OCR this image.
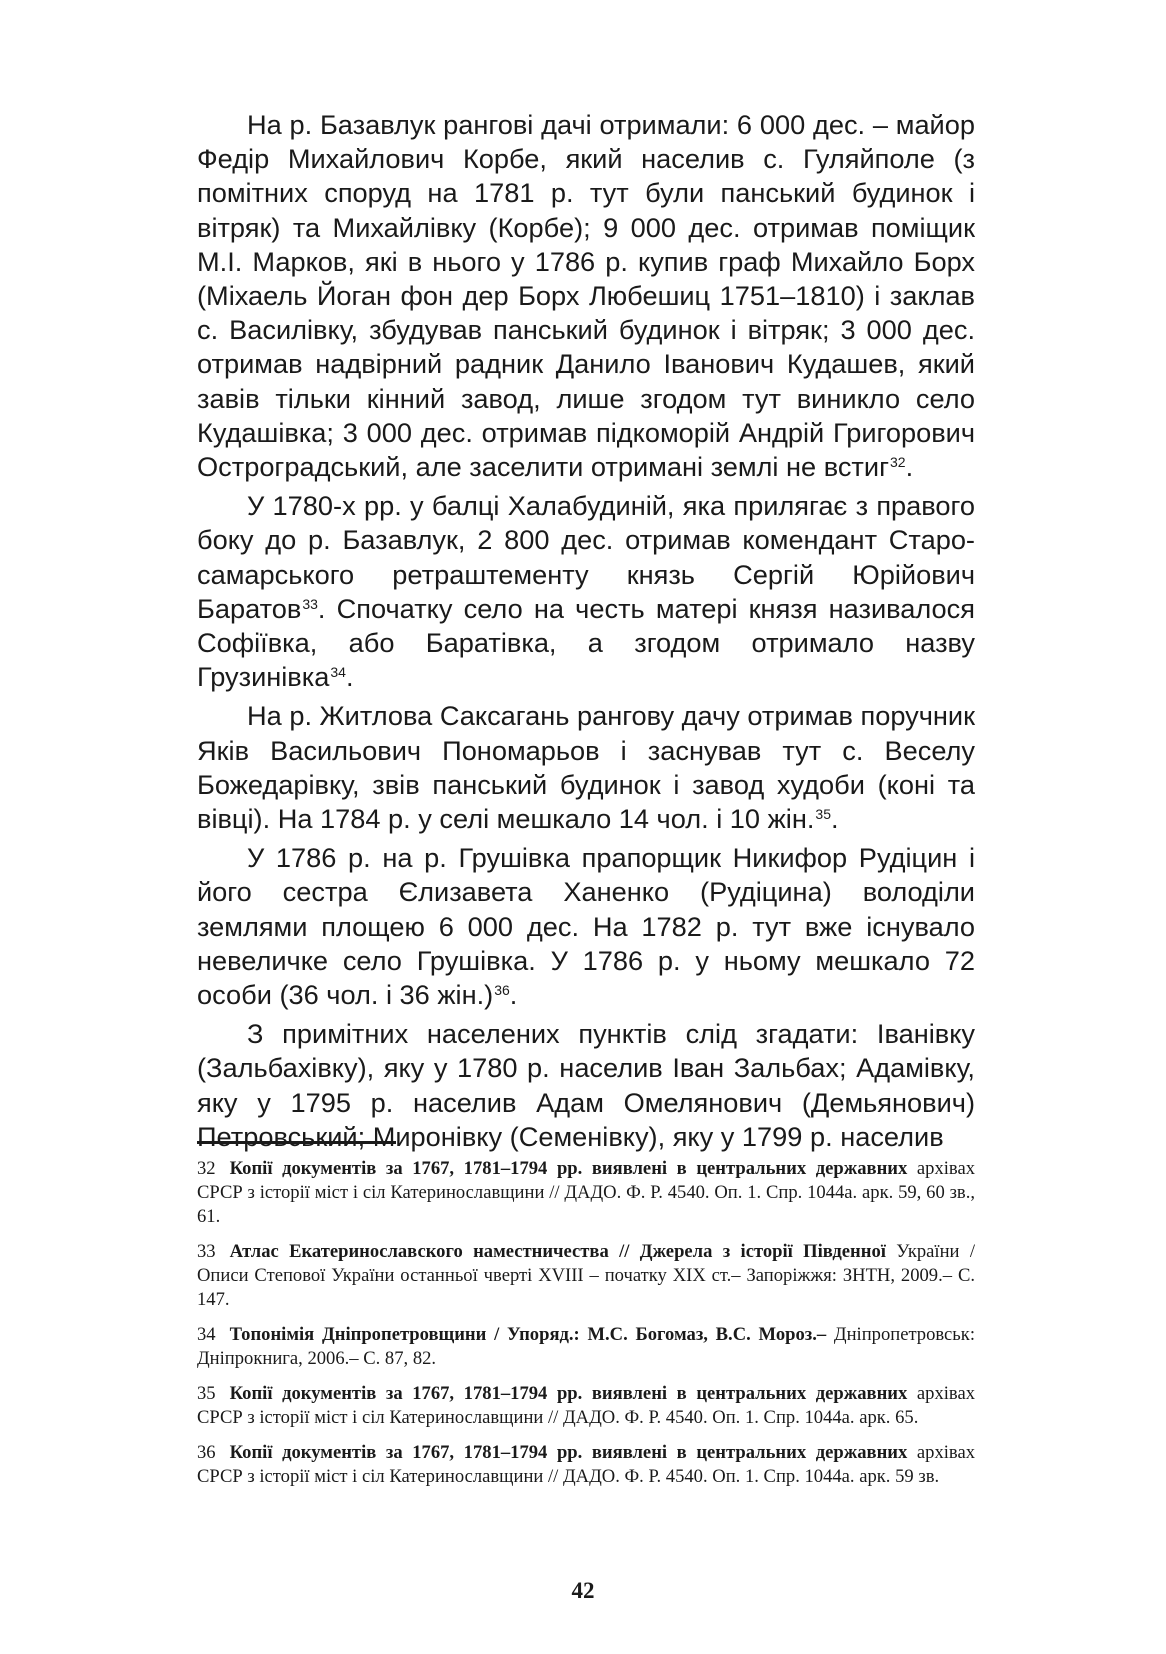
На р. Базавлук рангові дачі отримали: 6 000 дес. – майор Федір Михайлович Корбе, який населив с. Гуляйполе (з помітних споруд на 1781 р. тут були панський будинок і вітряк) та Михайлівку (Корбе); 9 000 дес. отримав поміщик М.І. Марков, які в нього у 1786 р. купив граф Михайло Борх (Міхаель Йоган фон дер Борх Любешиц 1751–1810) і заклав с. Василівку, збудував панський будинок і вітряк; 3 000 дес. отримав надвірний радник Данило Іванович Кудашев, який завів тільки кінний завод, лише згодом тут виникло село Кудашівка; 3 000 дес. отримав підкоморій Андрій Григорович Остроградський, але заселити отримані землі не встиг$^{32}$.

У 1780-х рр. у балці Халабудиній, яка прилягає з правого боку до р. Базавлук, 2 800 дес. отримав комендант Старо-самарського ретраштементу князь Сергій Юрійович Баратов$^{33}$. Спочатку село на честь матері князя називалося Софіївка, або Баратівка, а згодом отримало назву Грузинівка$^{34}$.

На р. Житлова Саксагань рангову дачу отримав поручник Яків Васильович Пономарьов і заснував тут с. Веселу Божедарівку, звів панський будинок і завод худоби (коні та вівці). На 1784 р. у селі мешкало 14 чол. і 10 жін.$^{35}$.

У 1786 р. на р. Грушівка прапорщик Никифор Рудіцин і його сестра Єлизавета Ханенко (Рудіцина) володіли землями площею 6 000 дес. На 1782 р. тут вже існувало невеличке село Грушівка. У 1786 р. у ньому мешкало 72 особи (36 чол. і 36 жін.)$^{36}$.

З примітних населених пунктів слід згадати: Іванівку (Зальбахівку), яку у 1780 р. населив Іван Зальбах; Адамівку, яку у 1795 р. населив Адам Омелянович (Демьянович) Петровський; Миронівку (Семенівку), яку у 1799 р. населив

32 Копії документів за 1767, 1781–1794 рр. виявлені в центральних державних архівах СРСР з історії міст і сіл Катеринославщини // ДАДО. Ф. Р. 4540. Оп. 1. Спр. 1044а. арк. 59, 60 зв., 61.

33 Атлас Екатеринославского наместничества // Джерела з історії Південної України / Описи Степової України останньої чверті XVIII – початку XIX ст.– Запоріжжя: ЗНТН, 2009.– С. 147.

34 Топонімія Дніпропетровщини / Упоряд.: М.С. Богомаз, В.С. Мороз.– Дніпропетровськ: Дніпрокнига, 2006.– С. 87, 82.

35 Копії документів за 1767, 1781–1794 рр. виявлені в центральних державних архівах СРСР з історії міст і сіл Катеринославщини // ДАДО. Ф. Р. 4540. Оп. 1. Спр. 1044а. арк. 65.

36 Копії документів за 1767, 1781–1794 рр. виявлені в центральних державних архівах СРСР з історії міст і сіл Катеринославщини // ДАДО. Ф. Р. 4540. Оп. 1. Спр. 1044а. арк. 59 зв.

42
